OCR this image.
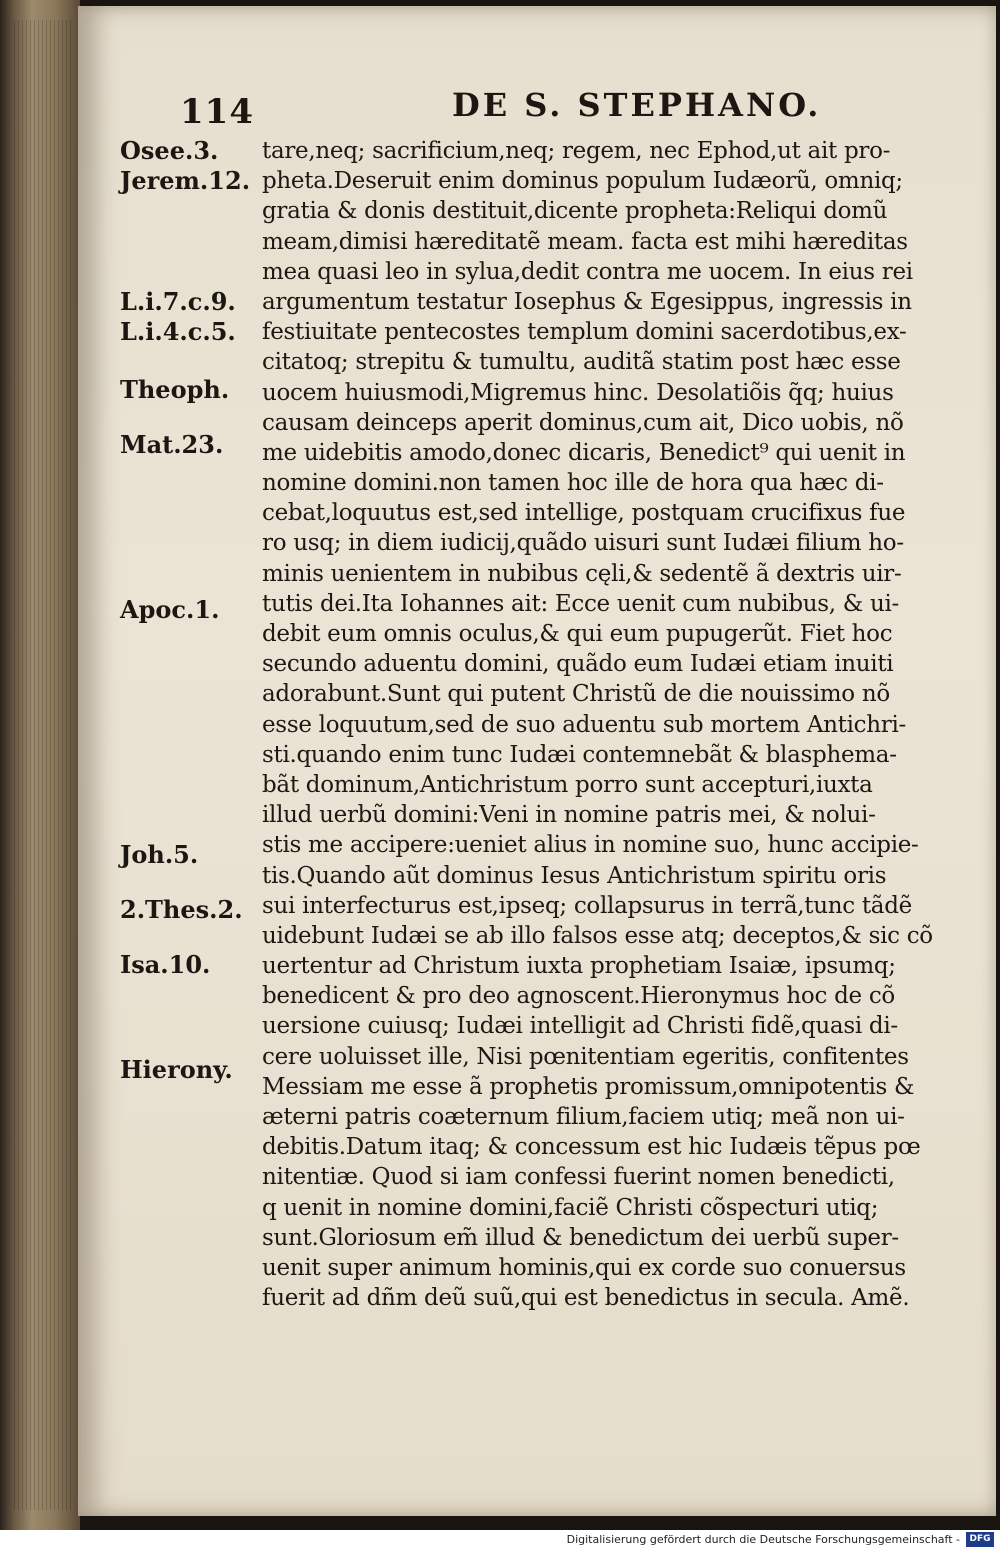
114	DE S. STEPHANO.
Osee.3.
Jerem.12.
L.i.7.c.9.
L.i.4.c.5.
Theoph.
Mat.23.
Apoc.1.
Joh.5.
2.Thes.2.
Isa.10.
Hierony.
tare,neq; sacrificium,neq; regem, nec Ephod,ut ait pro-
pheta.Deseruit enim dominus populum Iudæorũ, omniq;
gratia & donis destituit,dicente propheta:Reliqui domũ
meam,dimisi hæreditatẽ meam. facta est mihi hæreditas
mea quasi leo in sylua,dedit contra me uocem. In eius rei
argumentum testatur Iosephus & Egesippus, ingressis in
festiuitate pentecostes templum domini sacerdotibus,ex-
citatoq; strepitu & tumultu, auditã statim post hæc esse
uocem huiusmodi,Migremus hinc. Desolatiõis q̃q; huius
causam deinceps aperit dominus,cum ait, Dico uobis, nõ
me uidebitis amodo,donec dicaris, Benedict⁹ qui uenit in
nomine domini.non tamen hoc ille de hora qua hæc di-
cebat,loquutus est,sed intellige, postquam crucifixus fue
ro usq; in diem iudicij,quãdo uisuri sunt Iudæi filium ho-
minis uenientem in nubibus cęli,& sedentẽ ã dextris uir-
tutis dei.Ita Iohannes ait: Ecce uenit cum nubibus, & ui-
debit eum omnis oculus,& qui eum pupugerũt. Fiet hoc
secundo aduentu domini, quãdo eum Iudæi etiam inuiti
adorabunt.Sunt qui putent Christũ de die nouissimo nõ
esse loquutum,sed de suo aduentu sub mortem Antichri-
sti.quando enim tunc Iudæi contemnebãt & blasphema-
bãt dominum,Antichristum porro sunt accepturi,iuxta
illud uerbũ domini:Veni in nomine patris mei, & nolui-
stis me accipere:ueniet alius in nomine suo, hunc accipie-
tis.Quando aũt dominus Iesus Antichristum spiritu oris
sui interfecturus est,ipseq; collapsurus in terrã,tunc tãdẽ
uidebunt Iudæi se ab illo falsos esse atq; deceptos,& sic cõ
uertentur ad Christum iuxta prophetiam Isaiæ, ipsumq;
benedicent & pro deo agnoscent.Hieronymus hoc de cõ
uersione cuiusq; Iudæi intelligit ad Christi fidẽ,quasi di-
cere uoluisset ille, Nisi pœnitentiam egeritis, confitentes
Messiam me esse ã prophetis promissum,omnipotentis &
æterni patris coæternum filium,faciem utiq; meã non ui-
debitis.Datum itaq; & concessum est hic Iudæis tẽpus pœ
nitentiæ. Quod si iam confessi fuerint nomen benedicti,
q uenit in nomine domini,faciẽ Christi cõspecturi utiq;
sunt.Gloriosum em̃ illud & benedictum dei uerbũ super-
uenit super animum hominis,qui ex corde suo conuersus
fuerit ad dñm deũ suũ,qui est benedictus in secula. Amẽ.
Digitalisierung gefördert durch die Deutsche Forschungsgemeinschaft -	DFG
